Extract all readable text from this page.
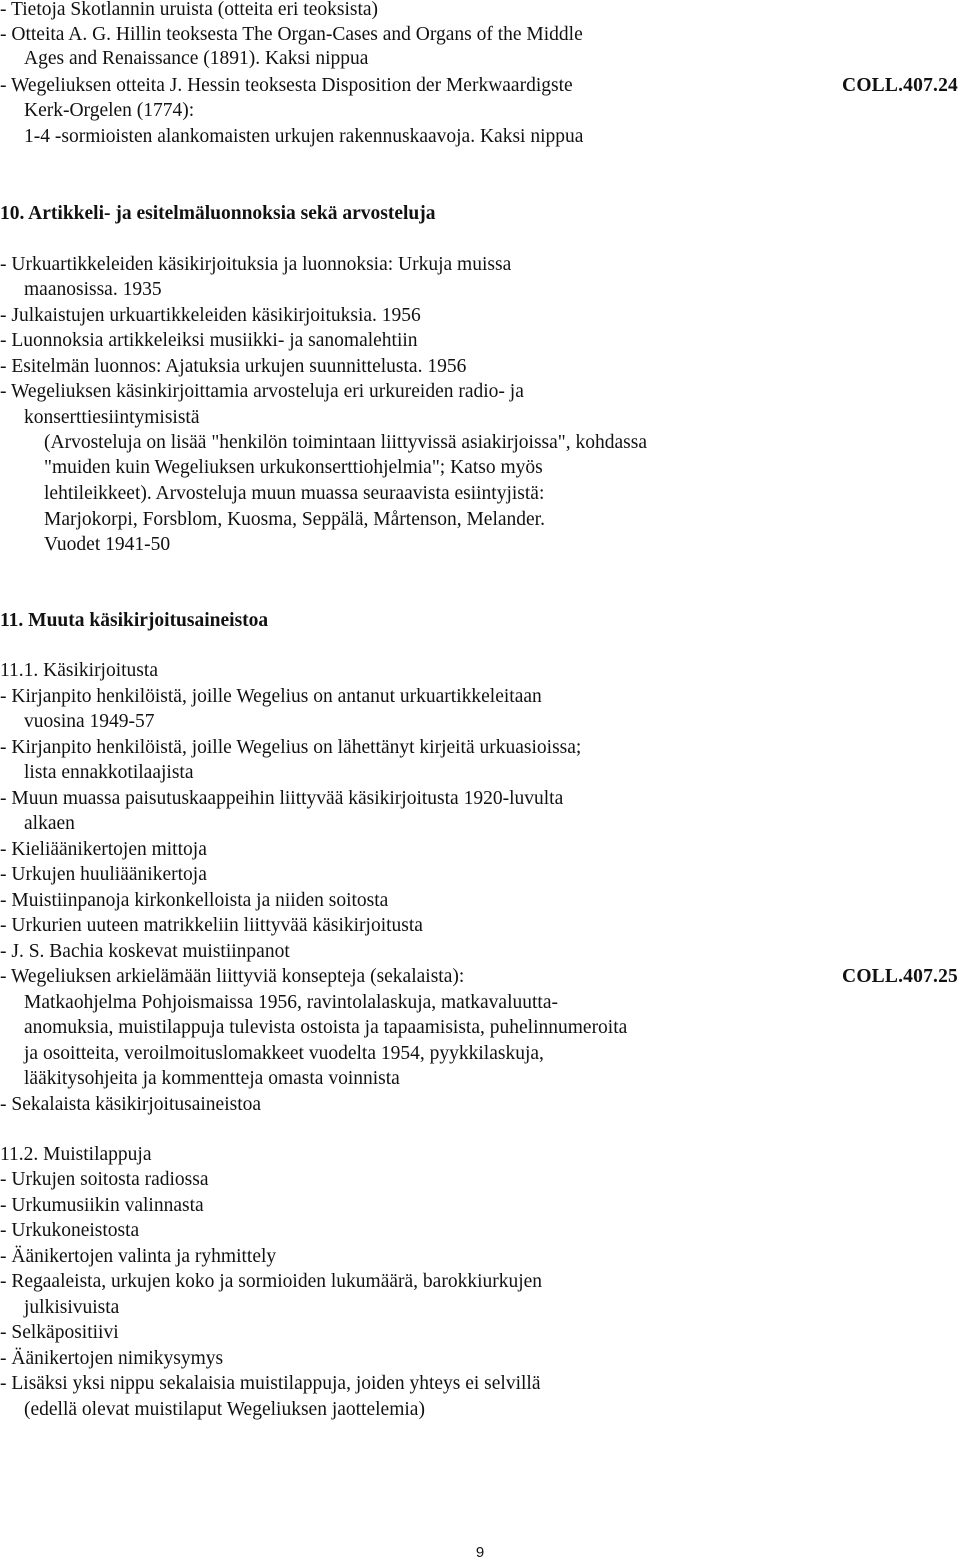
- Tietoja Skotlannin uruista (otteita eri teoksista)
- Otteita A. G. Hillin teoksesta The Organ-Cases and Organs of the Middle
Ages and Renaissance (1891). Kaksi nippua
- Wegeliuksen otteita J. Hessin teoksesta Disposition der Merkwaardigste
Kerk-Orgelen (1774):
1-4 -sormioisten alankomaisten urkujen rakennuskaavoja. Kaksi nippua
COLL.407.24
10. Artikkeli- ja esitelmäluonnoksia sekä arvosteluja
- Urkuartikkeleiden käsikirjoituksia ja luonnoksia: Urkuja muissa
maanosissa. 1935
- Julkaistujen urkuartikkeleiden käsikirjoituksia. 1956
- Luonnoksia artikkeleiksi musiikki- ja sanomalehtiin
- Esitelmän luonnos: Ajatuksia urkujen suunnittelusta. 1956
- Wegeliuksen käsinkirjoittamia arvosteluja eri urkureiden radio- ja
konserttiesiintymisistä
(Arvosteluja on lisää "henkilön toimintaan liittyvissä asiakirjoissa", kohdassa
"muiden kuin Wegeliuksen urkukonserttiohjelmia"; Katso myös
lehtileikkeet). Arvosteluja muun muassa seuraavista esiintyjistä:
Marjokorpi, Forsblom, Kuosma, Seppälä, Mårtenson, Melander.
Vuodet 1941-50
11. Muuta käsikirjoitusaineistoa
11.1. Käsikirjoitusta
- Kirjanpito henkilöistä, joille Wegelius on antanut urkuartikkeleitaan
vuosina 1949-57
- Kirjanpito henkilöistä, joille Wegelius on lähettänyt kirjeitä urkuasioissa;
lista ennakkotilaajista
- Muun muassa paisutuskaappeihin liittyvää käsikirjoitusta 1920-luvulta
alkaen
- Kieliäänikertojen mittoja
- Urkujen huuliäänikertoja
- Muistiinpanoja kirkonkelloista ja niiden soitosta
- Urkurien uuteen matrikkeliin liittyvää käsikirjoitusta
- J. S. Bachia koskevat muistiinpanot
- Wegeliuksen arkielämään liittyviä konsepteja (sekalaista):	COLL.407.25
Matkaohjelma Pohjoismaissa 1956, ravintolalaskuja, matkavaluutta-
anomuksia, muistilappuja tulevista ostoista ja tapaamisista, puhelinnumeroita
ja osoitteita, veroilmoituslomakkeet vuodelta 1954, pyykkilaskuja,
lääkitysohjeita ja kommentteja omasta voinnista
- Sekalaista käsikirjoitusaineistoa
11.2. Muistilappuja
- Urkujen soitosta radiossa
- Urkumusiikin valinnasta
- Urkukoneistosta
- Äänikertojen valinta ja ryhmittely
- Regaaleista, urkujen koko ja sormioiden lukumäärä, barokkiurkujen
julkisivuista
- Selkäpositiivi
- Äänikertojen nimikysymys
- Lisäksi yksi nippu sekalaisia muistilappuja, joiden yhteys ei selvillä
(edellä olevat muistilaput Wegeliuksen jaottelemia)
9
